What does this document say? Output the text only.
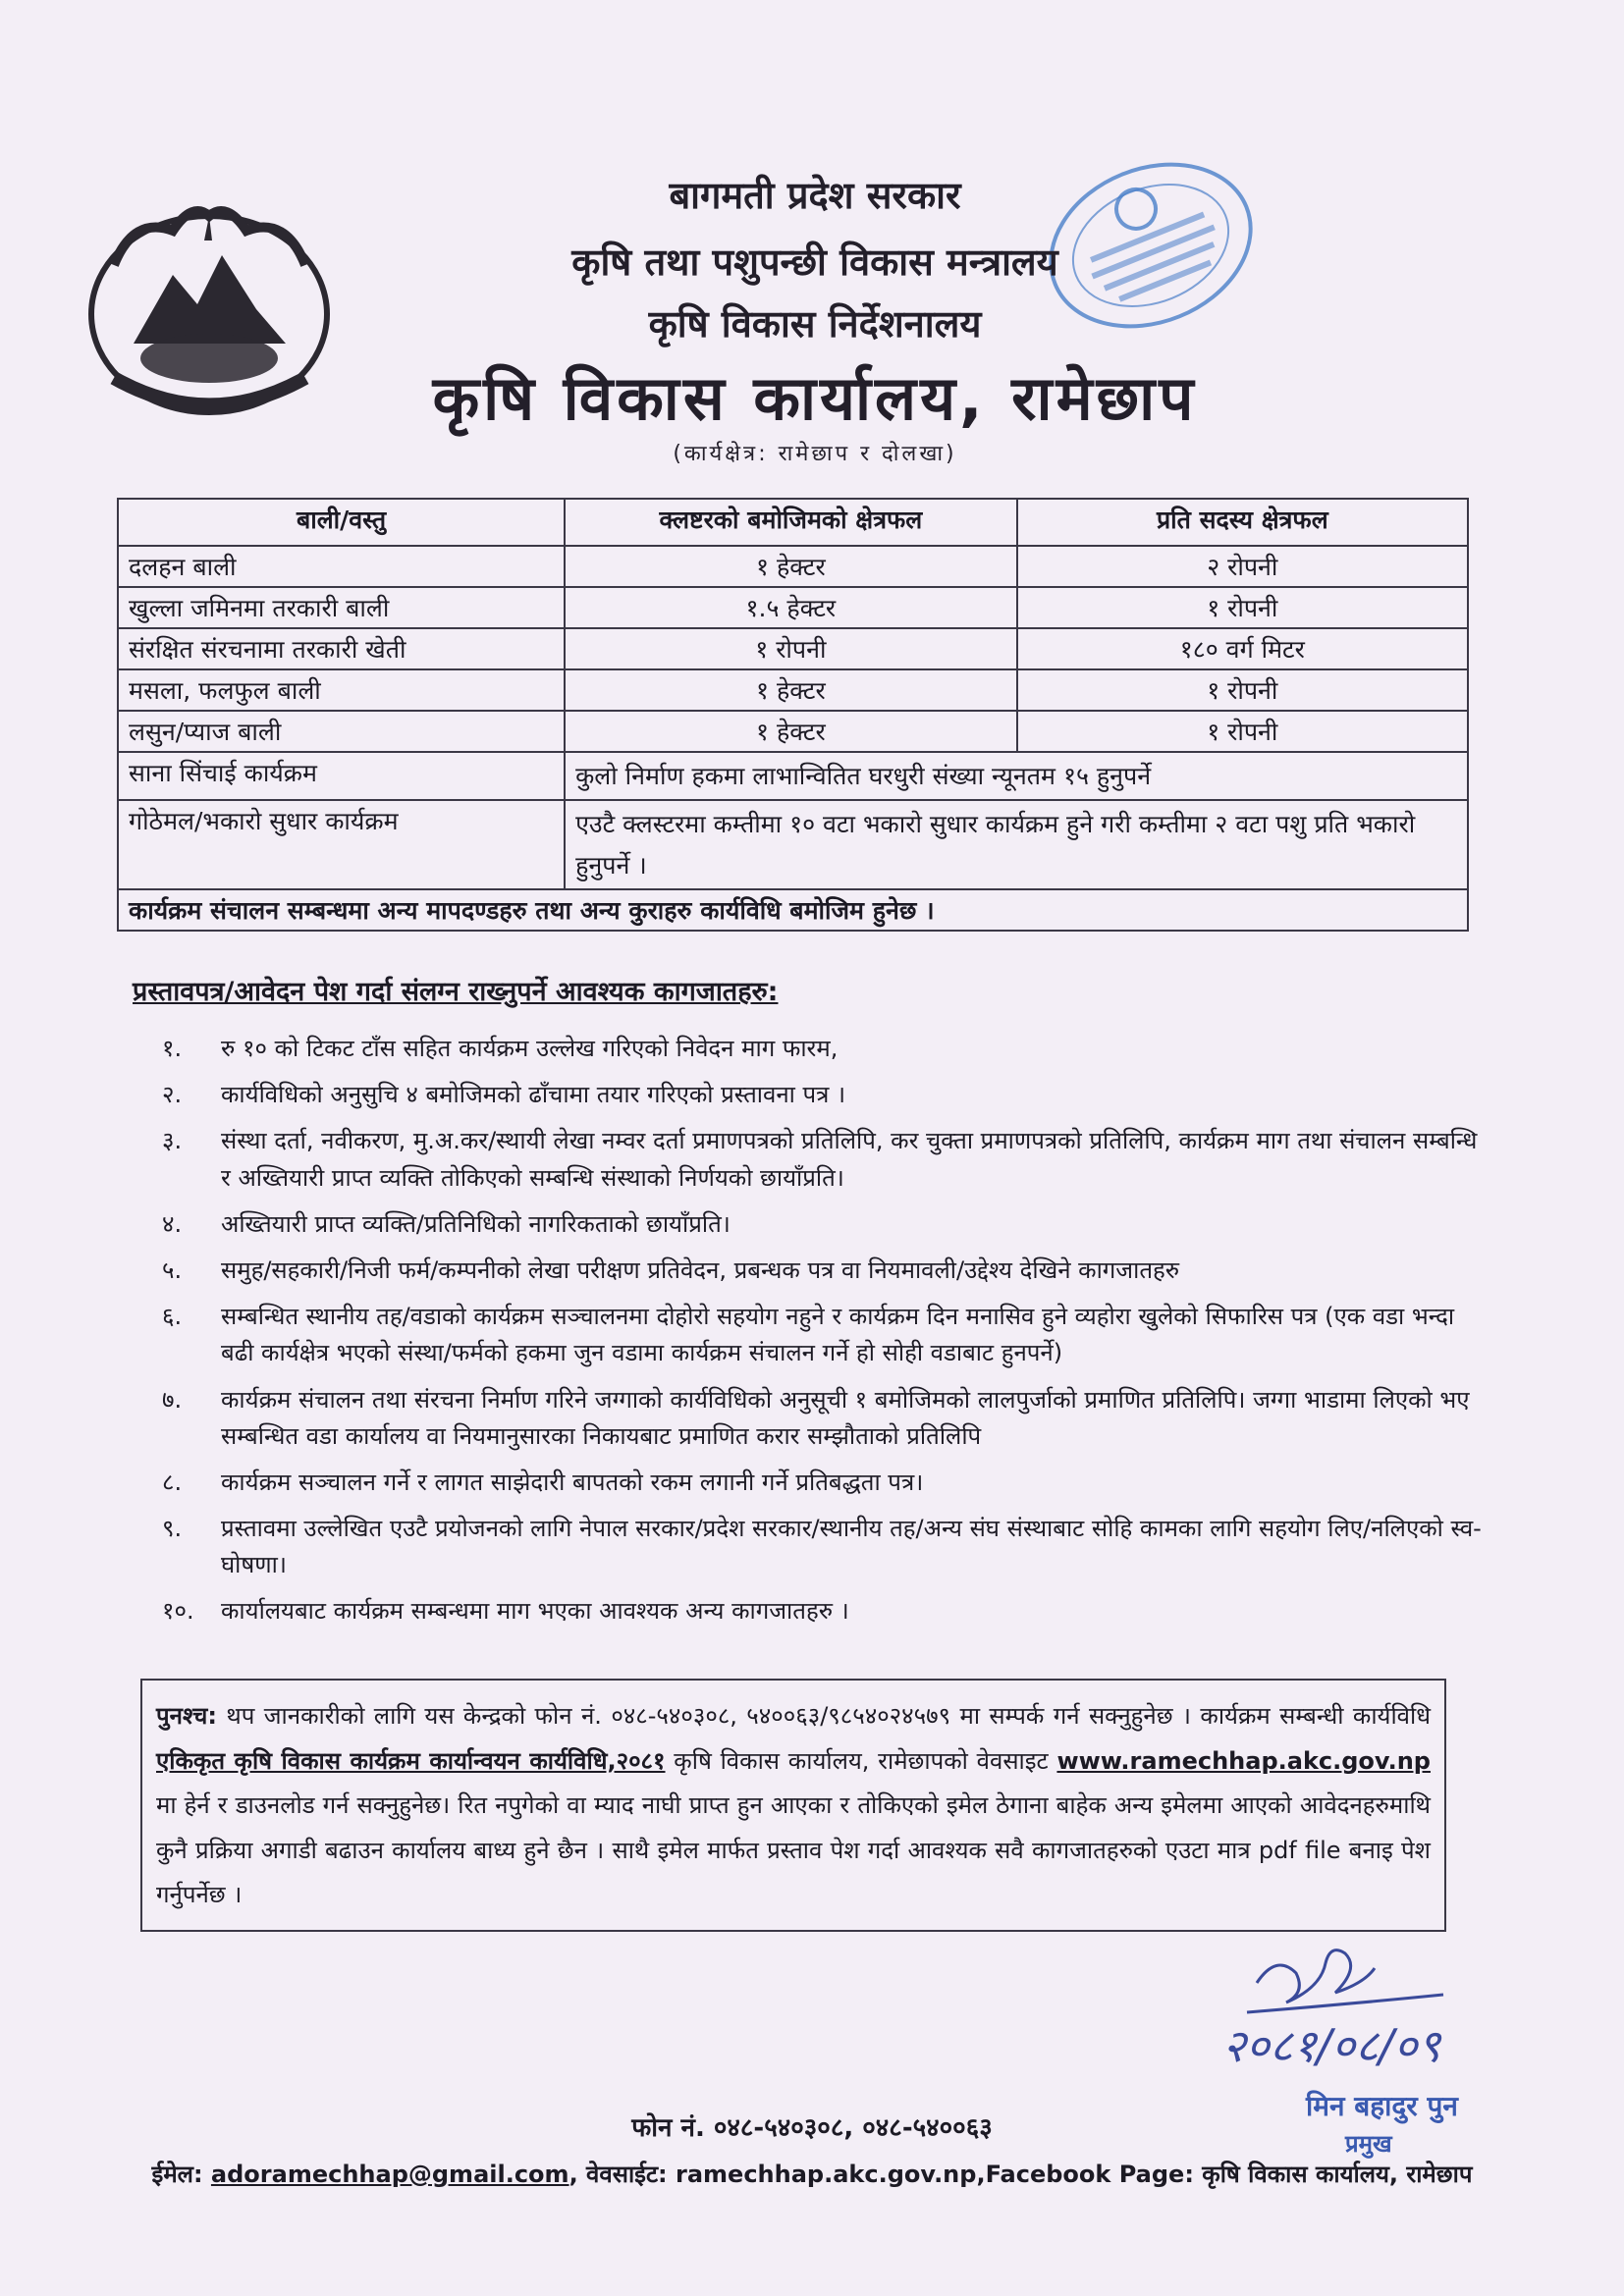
बागमती प्रदेश सरकार
कृषि तथा पशुपन्छी विकास मन्त्रालय
कृषि विकास निर्देशनालय
कृषि विकास कार्यालय, रामेछाप
(कार्यक्षेत्र: रामेछाप र दोलखा)
बाली/वस्तु	क्लष्टरको बमोजिमको क्षेत्रफल	प्रति सदस्य क्षेत्रफल
दलहन बाली	१ हेक्टर	२ रोपनी
खुल्ला जमिनमा तरकारी बाली	१.५ हेक्टर	१ रोपनी
संरक्षित संरचनामा तरकारी खेती	१ रोपनी	१८० वर्ग मिटर
मसला, फलफुल बाली	१ हेक्टर	१ रोपनी
लसुन/प्याज बाली	१ हेक्टर	१ रोपनी
साना सिंचाई कार्यक्रम	कुलो निर्माण हकमा लाभान्वितित घरधुरी संख्या न्यूनतम १५ हुनुपर्ने	
गोठेमल/भकारो सुधार कार्यक्रम	एउटै क्लस्टरमा कम्तीमा १० वटा भकारो सुधार कार्यक्रम हुने गरी कम्तीमा २ वटा पशु प्रति भकारो हुनुपर्ने ।	
कार्यक्रम संचालन सम्बन्धमा अन्य मापदण्डहरु तथा अन्य कुराहरु कार्यविधि बमोजिम हुनेछ ।		
प्रस्तावपत्र/आवेदन पेश गर्दा संलग्न राख्नुपर्ने आवश्यक कागजातहरु:
१.	रु १० को टिकट टाँस सहित कार्यक्रम उल्लेख गरिएको निवेदन माग फारम,
२.	कार्यविधिको अनुसुचि ४ बमोजिमको ढाँचामा तयार गरिएको प्रस्तावना पत्र ।
३.	संस्था दर्ता, नवीकरण, मु.अ.कर/स्थायी लेखा नम्वर दर्ता प्रमाणपत्रको प्रतिलिपि, कर चुक्ता प्रमाणपत्रको प्रतिलिपि, कार्यक्रम माग तथा संचालन सम्बन्धि र अख्तियारी प्राप्त व्यक्ति तोकिएको सम्बन्धि संस्थाको निर्णयको छायाँप्रति।
४.	अख्तियारी प्राप्त व्यक्ति/प्रतिनिधिको नागरिकताको छायाँप्रति।
५.	समुह/सहकारी/निजी फर्म/कम्पनीको लेखा परीक्षण प्रतिवेदन, प्रबन्धक पत्र वा नियमावली/उद्देश्य देखिने कागजातहरु
६.	सम्बन्धित स्थानीय तह/वडाको कार्यक्रम सञ्चालनमा दोहोरो सहयोग नहुने र कार्यक्रम दिन मनासिव हुने व्यहोरा खुलेको सिफारिस पत्र (एक वडा भन्दा बढी कार्यक्षेत्र भएको संस्था/फर्मको हकमा जुन वडामा कार्यक्रम संचालन गर्ने हो सोही वडाबाट हुनपर्ने)
७.	कार्यक्रम संचालन तथा संरचना निर्माण गरिने जग्गाको कार्यविधिको अनुसूची १ बमोजिमको लालपुर्जाको प्रमाणित प्रतिलिपि। जग्गा भाडामा लिएको भए सम्बन्धित वडा कार्यालय वा नियमानुसारका निकायबाट प्रमाणित करार सम्झौताको प्रतिलिपि
८.	कार्यक्रम सञ्चालन गर्ने र लागत साझेदारी बापतको रकम लगानी गर्ने प्रतिबद्धता पत्र।
९.	प्रस्तावमा उल्लेखित एउटै प्रयोजनको लागि नेपाल सरकार/प्रदेश सरकार/स्थानीय तह/अन्य संघ संस्थाबाट सोहि कामका लागि सहयोग लिए/नलिएको स्व-घोषणा।
१०.	कार्यालयबाट कार्यक्रम सम्बन्धमा माग भएका आवश्यक अन्य कागजातहरु ।
पुनश्च: थप जानकारीको लागि यस केन्द्रको फोन नं. ०४८-५४०३०८, ५४००६३/९८५४०२४५७९ मा सम्पर्क गर्न सक्नुहुनेछ । कार्यक्रम सम्बन्धी कार्यविधि एकिकृत कृषि विकास कार्यक्रम कार्यान्वयन कार्यविधि,२०८१ कृषि विकास कार्यालय, रामेछापको वेवसाइट www.ramechhap.akc.gov.np मा हेर्न र डाउनलोड गर्न सक्नुहुनेछ। रित नपुगेको वा म्याद नाघी प्राप्त हुन आएका र तोकिएको इमेल ठेगाना बाहेक अन्य इमेलमा आएको आवेदनहरुमाथि कुनै प्रक्रिया अगाडी बढाउन कार्यालय बाध्य हुने छैन । साथै इमेल मार्फत प्रस्ताव पेश गर्दा आवश्यक सवै कागजातहरुको एउटा मात्र pdf file बनाइ पेश गर्नुपर्नेछ ।
२०८१/०८/०९
मिन बहादुर पुन
प्रमुख
फोन नं. ०४८-५४०३०८, ०४८-५४००६३
ईमेल: adoramechhap@gmail.com, वेवसाईट: ramechhap.akc.gov.np,Facebook Page: कृषि विकास कार्यालय, रामेछाप
